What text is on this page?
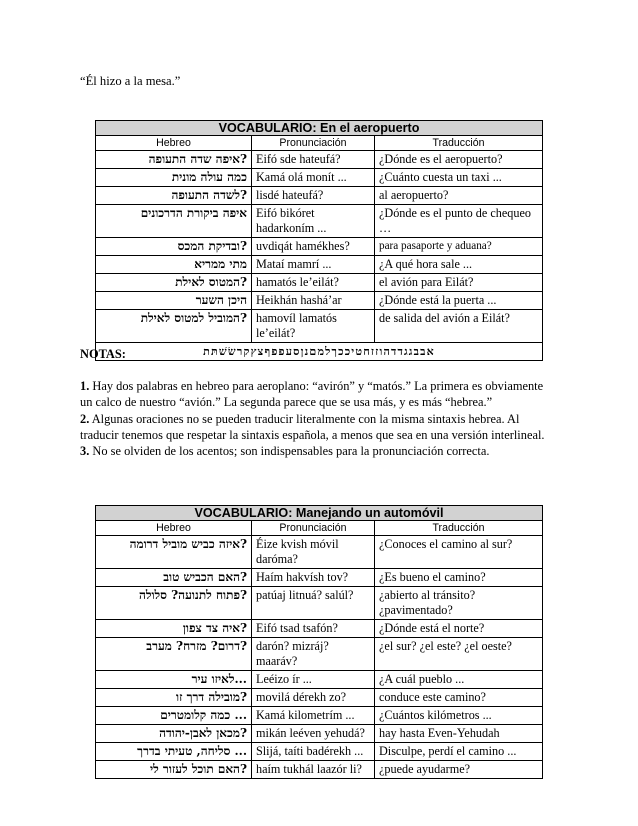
“Él hizo a la mesa.”
VOCABULARIO: En el aeropuerto		
Hebreo	Pronunciación	Traducción
?איפה שדה התעופה	Eifó sde hateufá?	¿Dónde es el aeropuerto?
כמה עולה מונית	Kamá olá monít ...	¿Cuánto cuesta un taxi ...
?לשדה התעופה	lisdé hateufá?	al aeropuerto?
איפה ביקורת הדרכונים	Eifó bikóret hadarkoním ...	¿Dónde es el punto de chequeo …
?ובדיקת המכס	uvdiqát hamékhes?	para pasaporte y aduana?
מתי ממריא	Mataí mamrí ...	¿A qué hora sale ...
?המטוס לאילת	hamatós le’eilát?	el avión para Eilát?
היכן השער	Heikhán hashá’ar	¿Dónde está la puerta ...
?המוביל למטוס לאילת	hamovíl lamatós le’eilát?	de salida del avión a Eilát?
אבבגגדדהוזזחטיככךלמםנןסעפפףצץקרשׂשׁתּת		
NOTAS:

1. Hay dos palabras en hebreo para aeroplano: “avirón” y “matós.” La primera es obviamente un calco de nuestro “avión.” La segunda parece que se usa más, y es más “hebrea.”

2. Algunas oraciones no se pueden traducir literalmente con la misma sintaxis hebrea. Al traducir tenemos que respetar la sintaxis española, a menos que sea en una versión interlineal.

3. No se olviden de los acentos; son indispensables para la pronunciación correcta.

VOCABULARIO: Manejando un automóvil		
Hebreo	Pronunciación	Traducción
?איזה כביש מוביל דרומה	Éize kvish móvil daróma?	¿Conoces el camino al sur?
?האם הכביש טוב	Haím hakvísh tov?	¿Es bueno el camino?
?פתוח לתנועה? סלולה	patúaj litnuá? salúl?	¿abierto al tránsito? ¿pavimentado?
?איה צד צפון	Eifó tsad tsafón?	¿Dónde está el norte?
?דרום? מזרח? מערב	darón? mizráj? maaráv?	¿el sur? ¿el este? ¿el oeste?
...לאיזו עיר	Leéizo ír ...	¿A cuál pueblo ...
?מובילה דרך זו	movilá dérekh zo?	conduce este camino?
... כמה קלומטרים	Kamá kilometrím ...	¿Cuántos kilómetros ...
?מכאן לאבן-יהודה	mikán leéven yehudá?	hay hasta Even-Yehudah
... סליחה, טעיתי בדרך	Slijá, taíti badérekh ...	Disculpe, perdí el camino ...
?האם תוכל לעזור לי	haím tukhál laazór li?	¿puede ayudarme?
